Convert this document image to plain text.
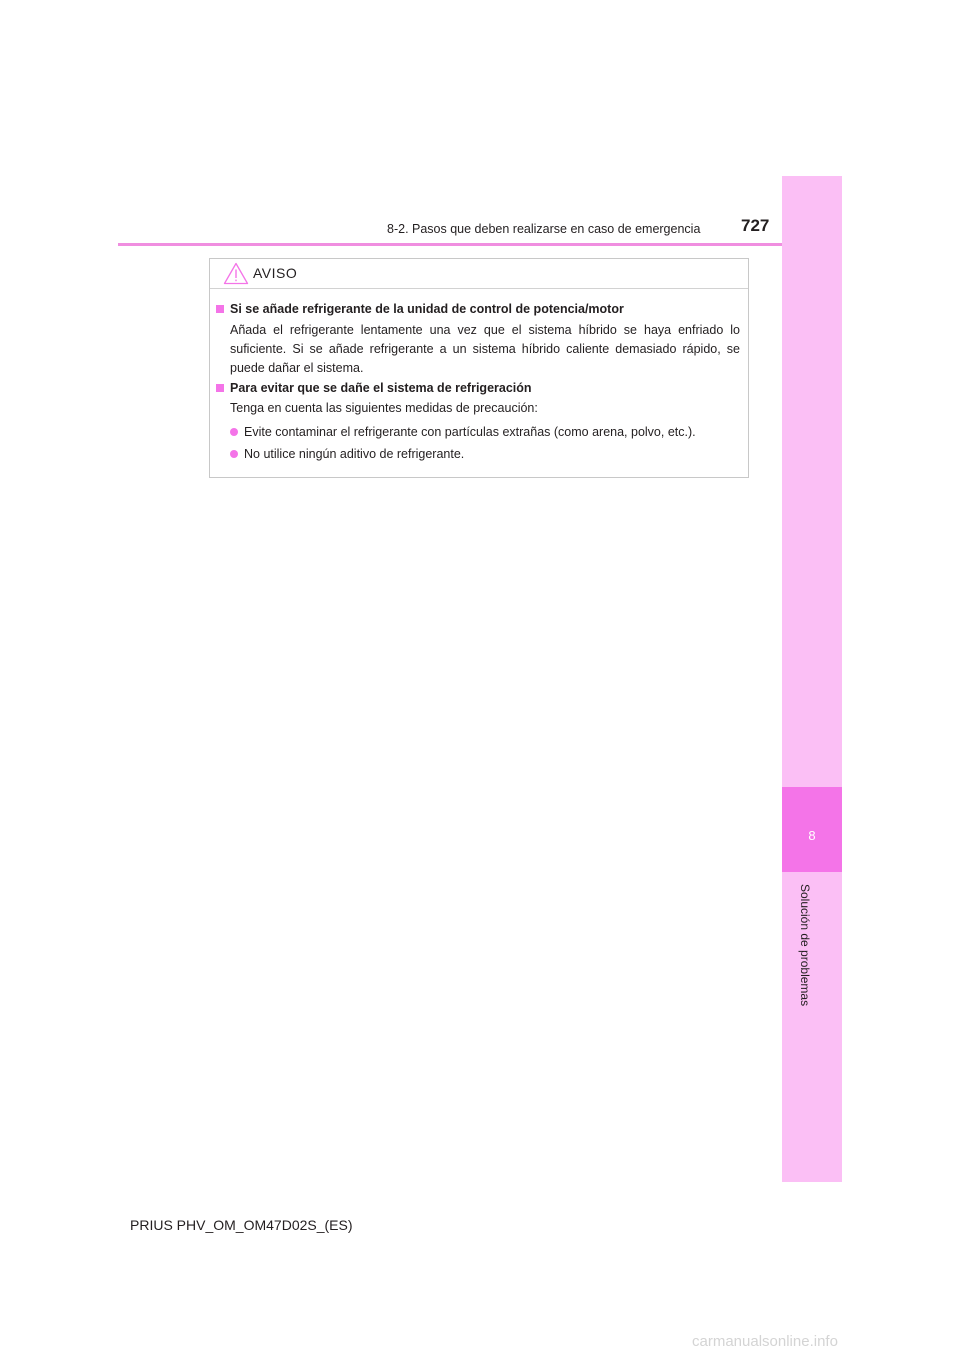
8-2. Pasos que deben realizarse en caso de emergencia 727
8
Solución de problemas
AVISO
Si se añade refrigerante de la unidad de control de potencia/motor
Añada el refrigerante lentamente una vez que el sistema híbrido se haya enfriado lo suficiente. Si se añade refrigerante a un sistema híbrido caliente demasiado rápido, se puede dañar el sistema.
Para evitar que se dañe el sistema de refrigeración
Tenga en cuenta las siguientes medidas de precaución:
Evite contaminar el refrigerante con partículas extrañas (como arena, polvo, etc.).
No utilice ningún aditivo de refrigerante.
PRIUS PHV_OM_OM47D02S_(ES)
carmanualsonline.info
